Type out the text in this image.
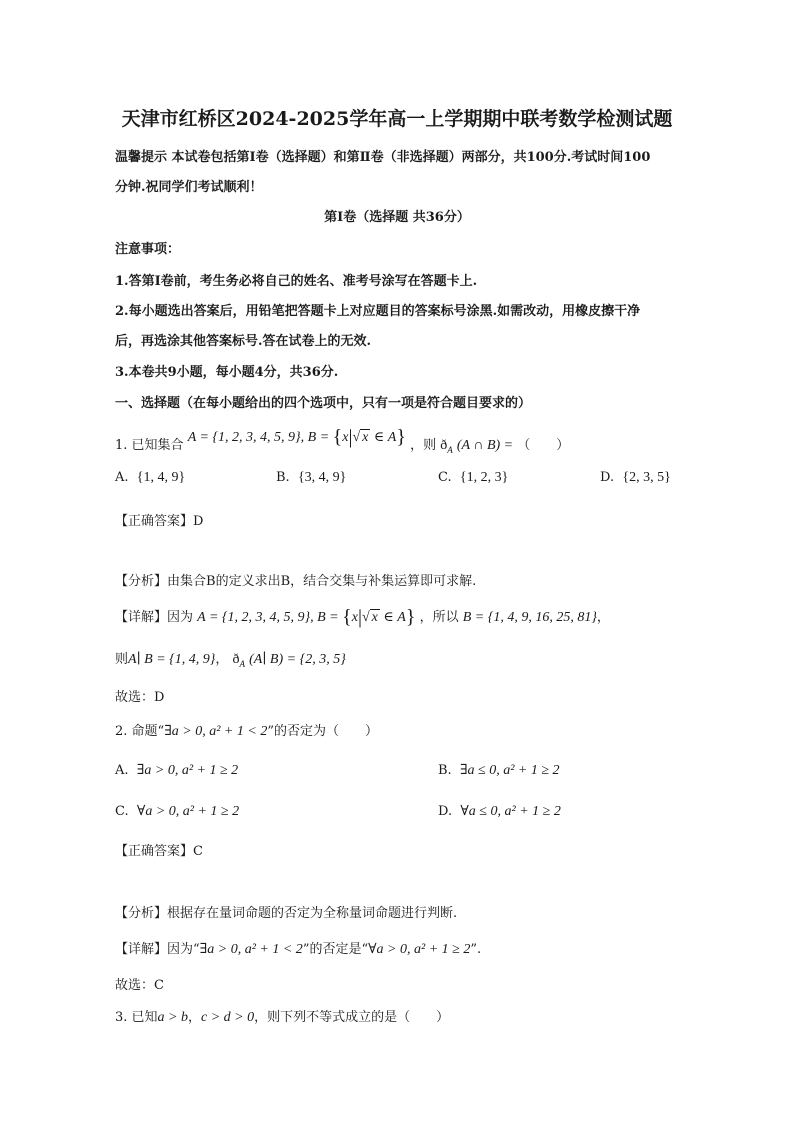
天津市红桥区2024-2025学年高一上学期期中联考数学检测试题
温馨提示 本试卷包括第Ⅰ卷（选择题）和第Ⅱ卷（非选择题）两部分，共100分.考试时间100
分钟.祝同学们考试顺利！
第Ⅰ卷（选择题 共36分）
注意事项：
1.答第Ⅰ卷前，考生务必将自己的姓名、准考号涂写在答题卡上.
2.每小题选出答案后，用铅笔把答题卡上对应题目的答案标号涂黑.如需改动，用橡皮擦干净
后，再选涂其他答案标号.答在试卷上的无效.
3.本卷共9小题，每小题4分，共36分.
一、选择题（在每小题给出的四个选项中，只有一项是符合题目要求的）
1. 已知集合 A = {1, 2, 3, 4, 5, 9}, B = {x|√ x ∈ A} ，则 $ð_A$ (A ∩ B) = （　　）
A. {1, 4, 9}	B. {3, 4, 9}	C. {1, 2, 3}	D. {2, 3, 5}
【正确答案】D
【分析】由集合B的定义求出B，结合交集与补集运算即可求解.
【详解】因为 A = {1, 2, 3, 4, 5, 9}, B = {x|√ x ∈ A} ，所以 B = {1, 4, 9, 16, 25, 81}，
则A∣ B = {1, 4, 9}， $ð_A$ (A∣ B) = {2, 3, 5}
故选：D
2. 命题“∃a > 0, a² + 1 < 2”的否定为（　　）
A. ∃a > 0, a² + 1 ≥ 2	B. ∃a ≤ 0, a² + 1 ≥ 2
C. ∀a > 0, a² + 1 ≥ 2	D. ∀a ≤ 0, a² + 1 ≥ 2
【正确答案】C
【分析】根据存在量词命题的否定为全称量词命题进行判断.
【详解】因为“∃a > 0, a² + 1 < 2”的否定是“∀a > 0, a² + 1 ≥ 2”.
故选：C
3. 已知a > b，c > d > 0，则下列不等式成立的是（　　）
